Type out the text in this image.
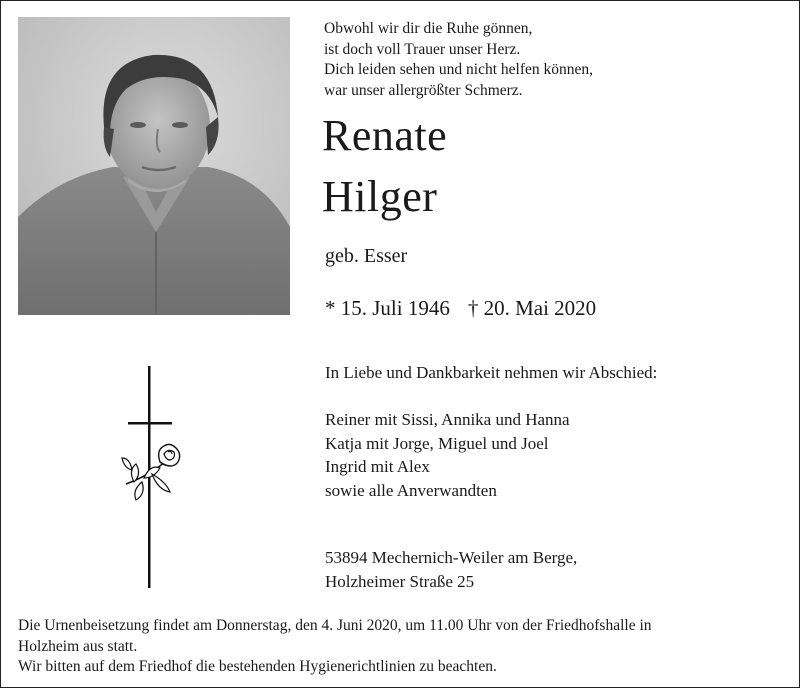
Obwohl wir dir die Ruhe gönnen,
ist doch voll Trauer unser Herz.
Dich leiden sehen und nicht helfen können,
war unser allergrößter Schmerz.
Renate
Hilger
geb. Esser
* 15. Juli 1946 † 20. Mai 2020
In Liebe und Dankbarkeit nehmen wir Abschied:
Reiner mit Sissi, Annika und Hanna
Katja mit Jorge, Miguel und Joel
Ingrid mit Alex
sowie alle Anverwandten
53894 Mechernich-Weiler am Berge,
Holzheimer Straße 25
Die Urnenbeisetzung findet am Donnerstag, den 4. Juni 2020, um 11.00 Uhr von der Friedhofshalle in
Holzheim aus statt.
Wir bitten auf dem Friedhof die bestehenden Hygienerichtlinien zu beachten.
